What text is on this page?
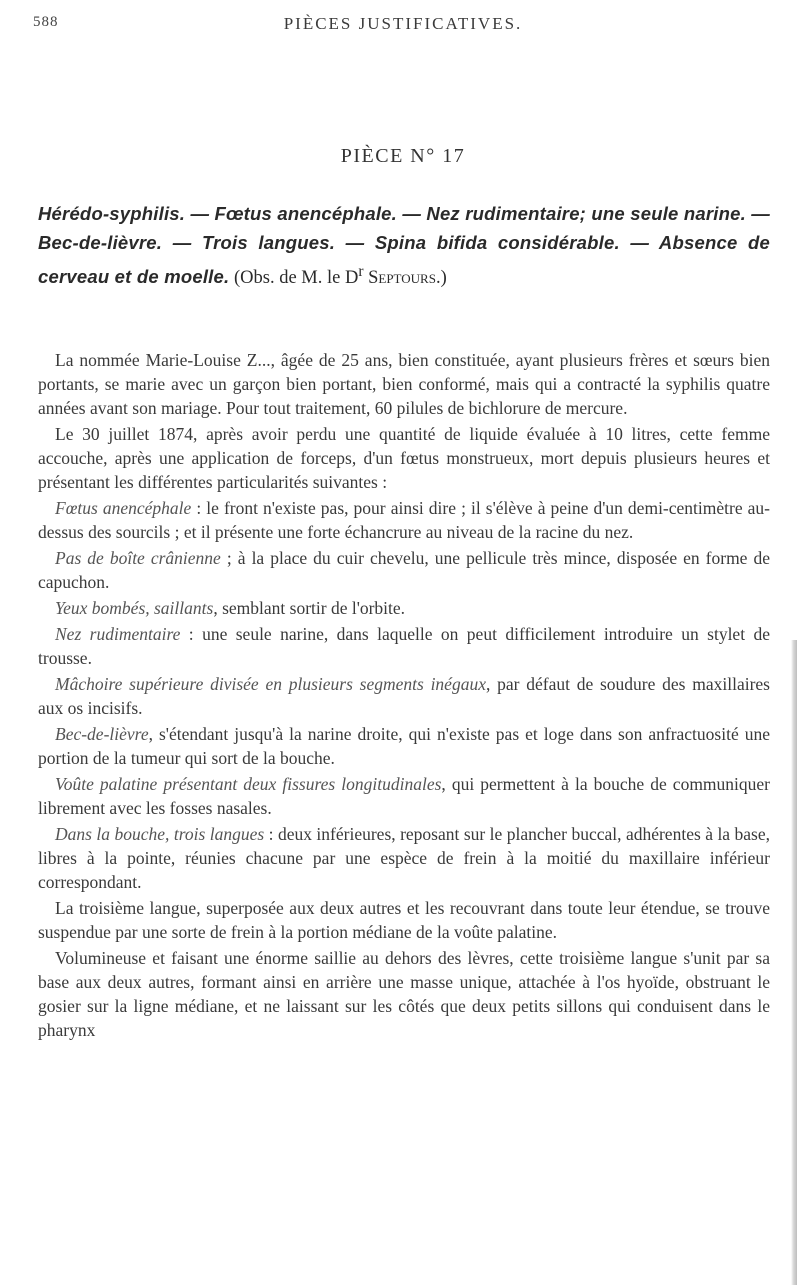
588	PIÈCES JUSTIFICATIVES.
PIÈCE N° 17
Hérédo-syphilis. — Fœtus anencéphale. — Nez rudimentaire; une seule narine. — Bec-de-lièvre. — Trois langues. — Spina bifida considérable. — Absence de cerveau et de moelle. (Obs. de M. le $D^r$ Septours.)

La nommée Marie-Louise Z..., âgée de 25 ans, bien constituée, ayant plusieurs frères et sœurs bien portants, se marie avec un garçon bien portant, bien conformé, mais qui a contracté la syphilis quatre années avant son mariage. Pour tout traitement, 60 pilules de bichlorure de mercure.

Le 30 juillet 1874, après avoir perdu une quantité de liquide évaluée à 10 litres, cette femme accouche, après une application de forceps, d'un fœtus monstrueux, mort depuis plusieurs heures et présentant les différentes particularités suivantes :

Fœtus anencéphale : le front n'existe pas, pour ainsi dire ; il s'élève à peine d'un demi-centimètre au-dessus des sourcils ; et il présente une forte échancrure au niveau de la racine du nez.

Pas de boîte crânienne ; à la place du cuir chevelu, une pellicule très mince, disposée en forme de capuchon.

Yeux bombés, saillants, semblant sortir de l'orbite.

Nez rudimentaire : une seule narine, dans laquelle on peut difficilement introduire un stylet de trousse.

Mâchoire supérieure divisée en plusieurs segments inégaux, par défaut de soudure des maxillaires aux os incisifs.

Bec-de-lièvre, s'étendant jusqu'à la narine droite, qui n'existe pas et loge dans son anfractuosité une portion de la tumeur qui sort de la bouche.

Voûte palatine présentant deux fissures longitudinales, qui permettent à la bouche de communiquer librement avec les fosses nasales.

Dans la bouche, trois langues : deux inférieures, reposant sur le plancher buccal, adhérentes à la base, libres à la pointe, réunies chacune par une espèce de frein à la moitié du maxillaire inférieur correspondant.

La troisième langue, superposée aux deux autres et les recouvrant dans toute leur étendue, se trouve suspendue par une sorte de frein à la portion médiane de la voûte palatine.

Volumineuse et faisant une énorme saillie au dehors des lèvres, cette troisième langue s'unit par sa base aux deux autres, formant ainsi en arrière une masse unique, attachée à l'os hyoïde, obstruant le gosier sur la ligne médiane, et ne laissant sur les côtés que deux petits sillons qui conduisent dans le pharynx
